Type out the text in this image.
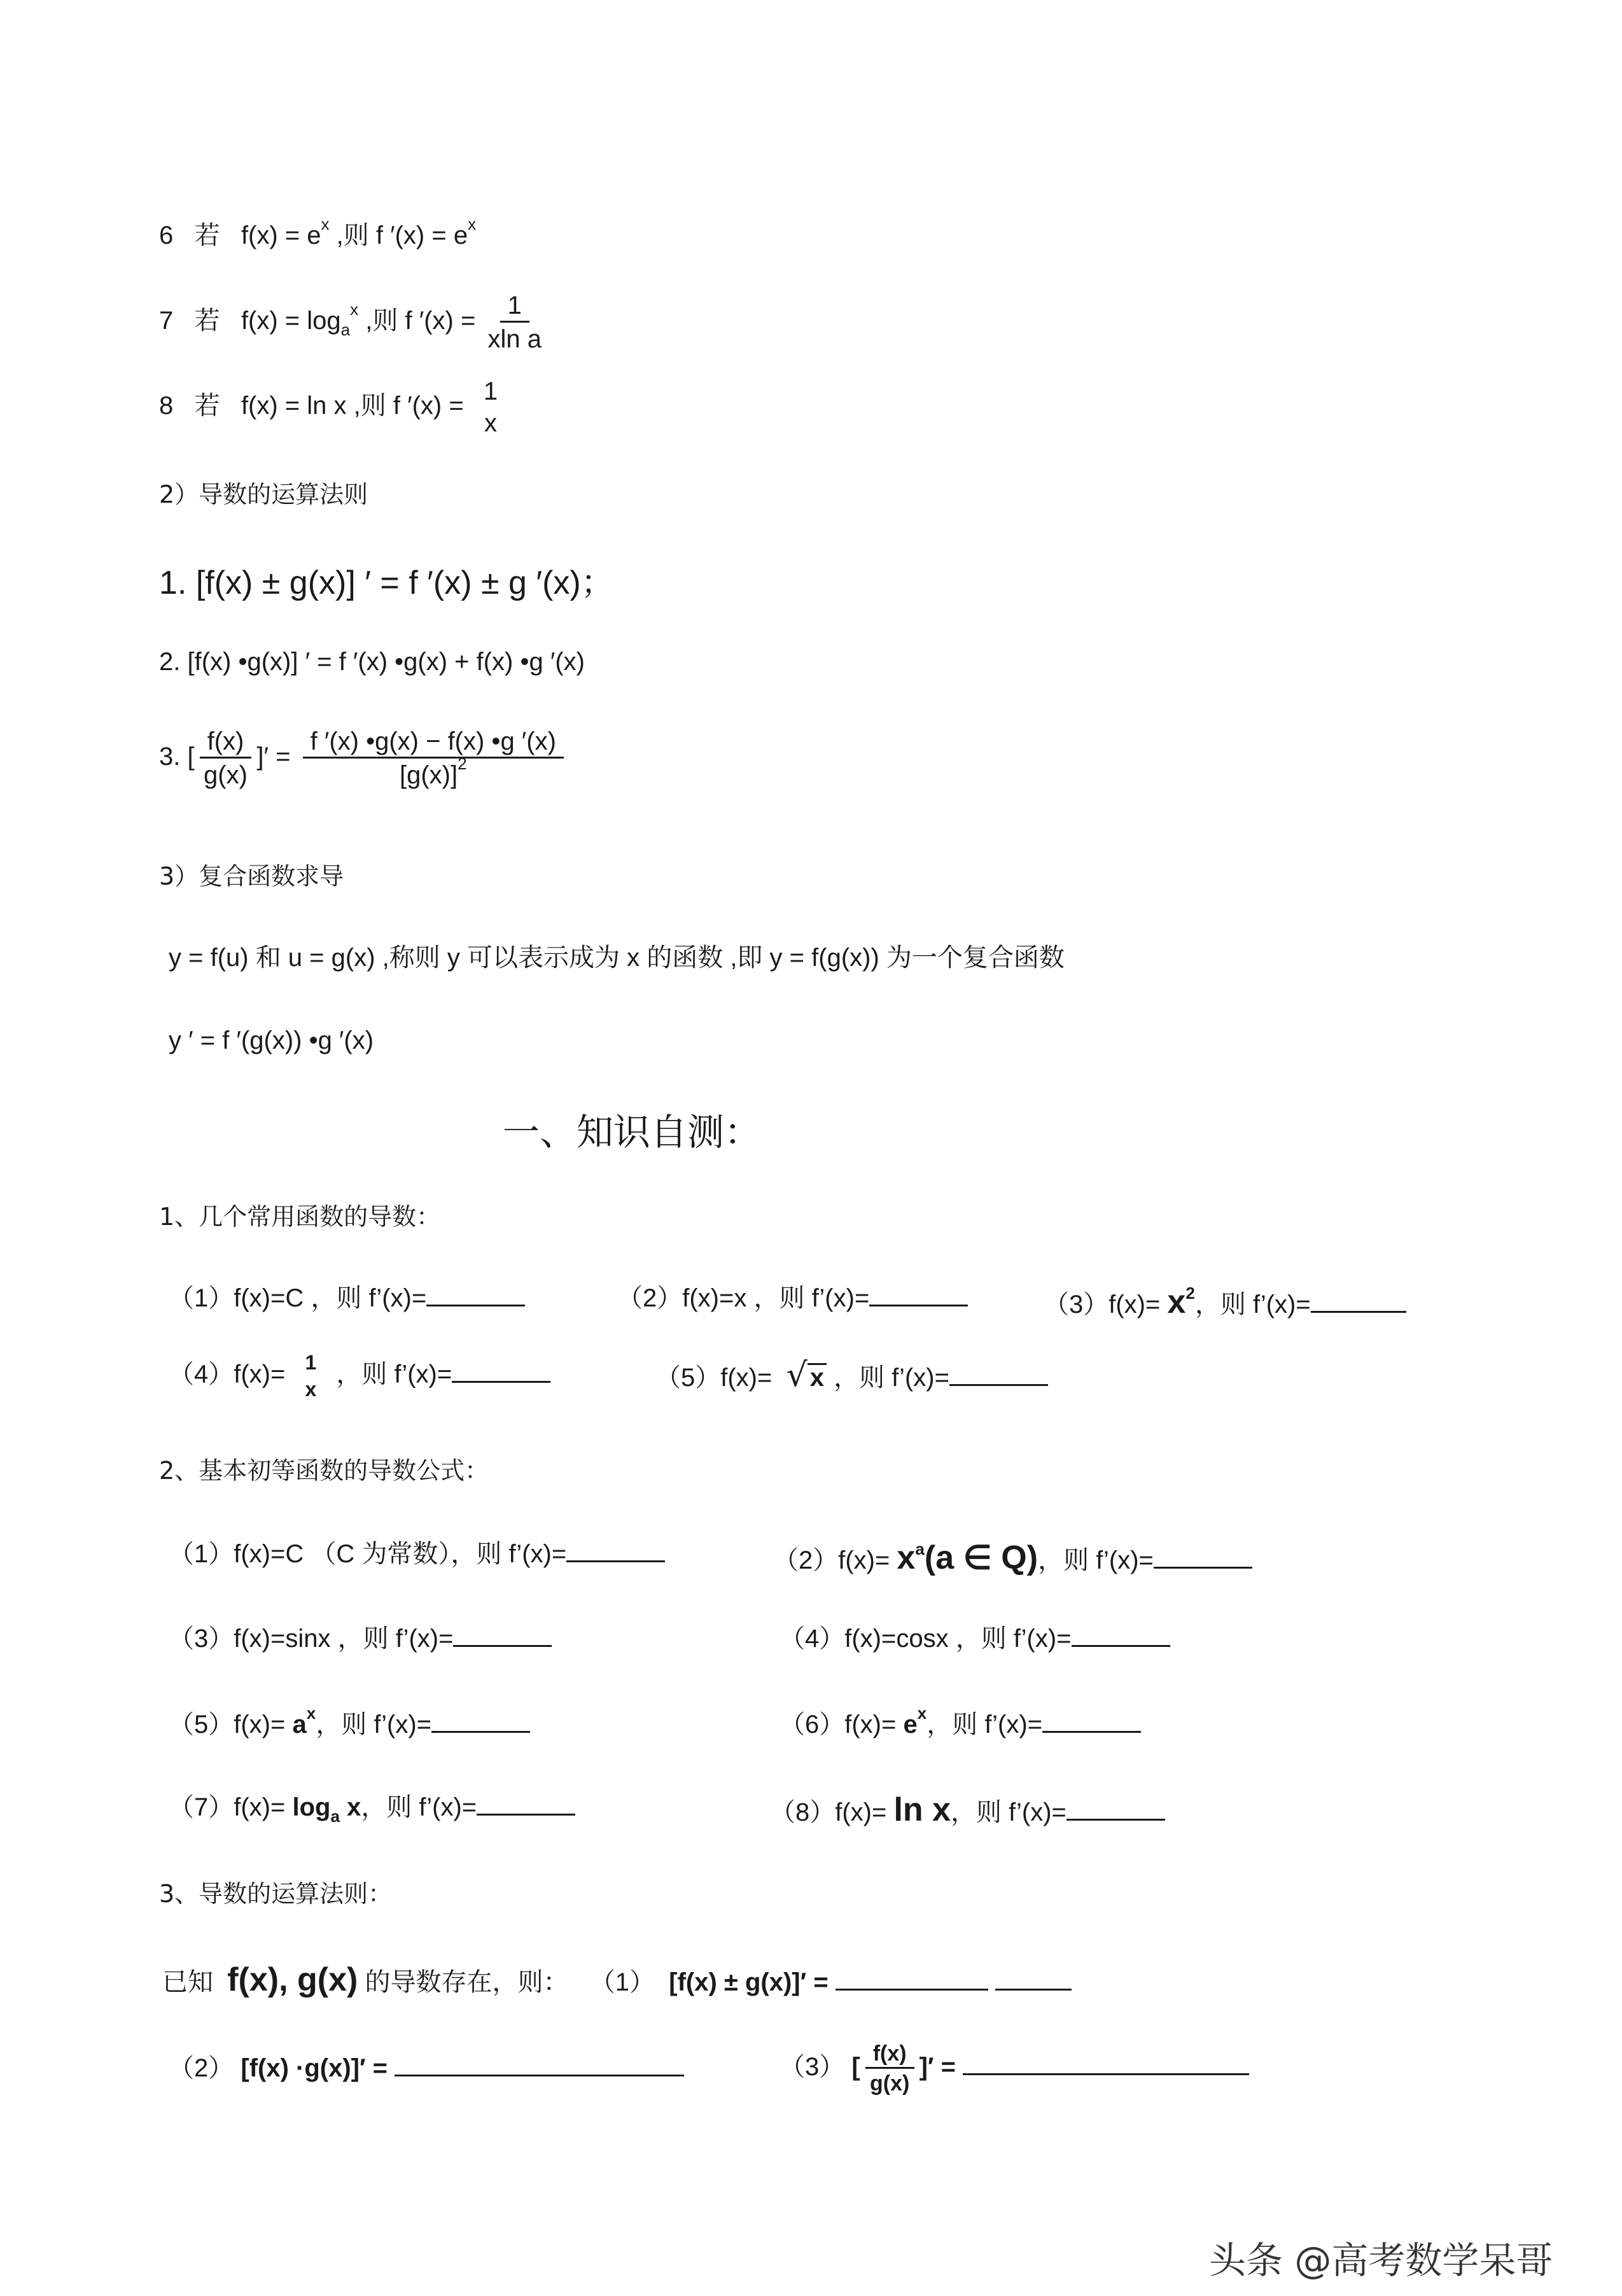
6 若 $f(x) = e^x$ ,则 f $'(x) = e^x$
7 若 $f(x) = \log_a^x$ ,则 f $'(x) = \frac{1}{\text{xln a}}$
8 若 f(x) = ln x ,则 f ′(x) =
1
x
2）导数的运算法则
1. [f(x) ± g(x)] ′ = f ′(x) ± g ′(x)；
2. [f(x) •g(x)] ′ = f ′(x) •g(x) + f(x) •g ′(x)
3. [ $\frac{f(x)}{g(x)}$ ]′ = $\frac{f '(x) •g(x) - f(x) •g '(x)}{[g(x)]^2}$
3）复合函数求导
y = f(u) 和 u = g(x) ,称则 y 可以表示成为 x 的函数 ,即 y = f(g(x)) 为一个复合函数
y ′ = f ′(g(x)) •g ′(x)
一、知识自测：
1、几个常用函数的导数：
（1）f(x)=C ，则 f’(x)=	（2）f(x)=x ，则 f’(x)=	$(3)f(x)= x^2$，则 f’(x)=
（4）f(x)= 1
x
，则 f’(x)=	（5）f(x)= √ x ，则 f’(x)=
2、基本初等函数的导数公式：
（1）f(x)=C （C 为常数），则 f’(x)=	$(2)f(x)= x^a(a$ ∈ Q)，则 f’(x)=
（3）f(x)=sinx ，则 f’(x)=	（4）f(x)=cosx ，则 f’(x)=
$(5)f(x)= a^x$，则 f’(x)=	$(6)f(x)= e^x$，则 f’(x)=
$(7)f(x)= \log_a x$，则 f’(x)=	（8）f(x)= ln x，则 f’(x)=
3、导数的运算法则：
已知 f(x), g(x) 的导数存在，则： （1） [f(x) ± g(x)]′ =
（2） [f(x) ·g(x)]′ =	（3） [ $\frac{f(x)}{g(x)}$ ]′ =
头条 @高考数学呆哥
